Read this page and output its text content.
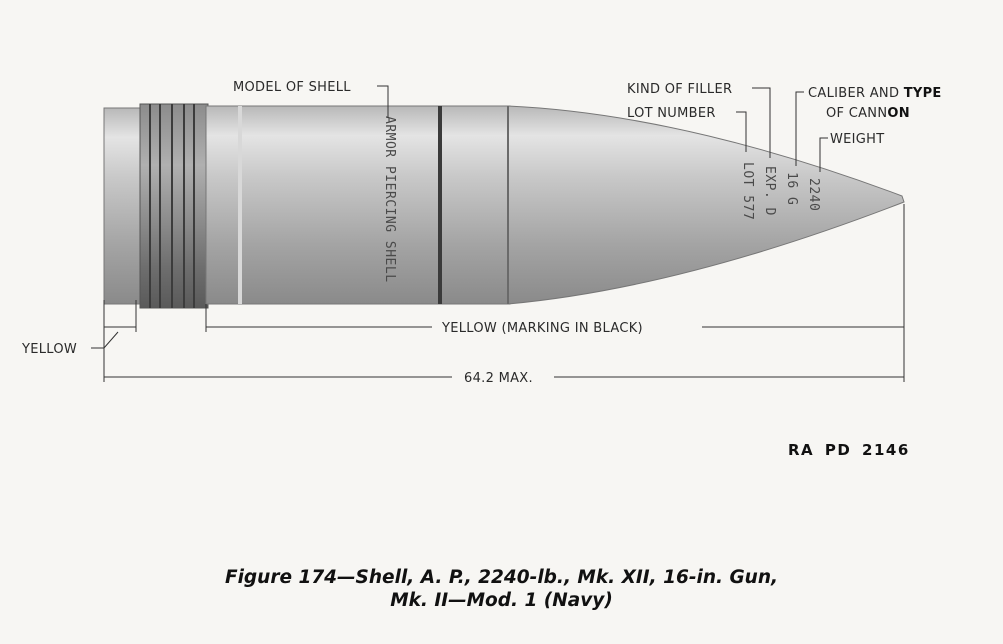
ARMOR PIERCING SHELL	LOT 577 EXP. D 16 G 2240
MODEL OF SHELL	KIND OF FILLER
LOT NUMBER
CALIBER AND TYPE
OF CANNON
WEIGHT
YELLOW
YELLOW (MARKING IN BLACK)
64.2 MAX.
RA PD 2146
Figure 174—Shell, A. P., 2240-lb., Mk. XII, 16-in. Gun,
Mk. II—Mod. 1 (Navy)
